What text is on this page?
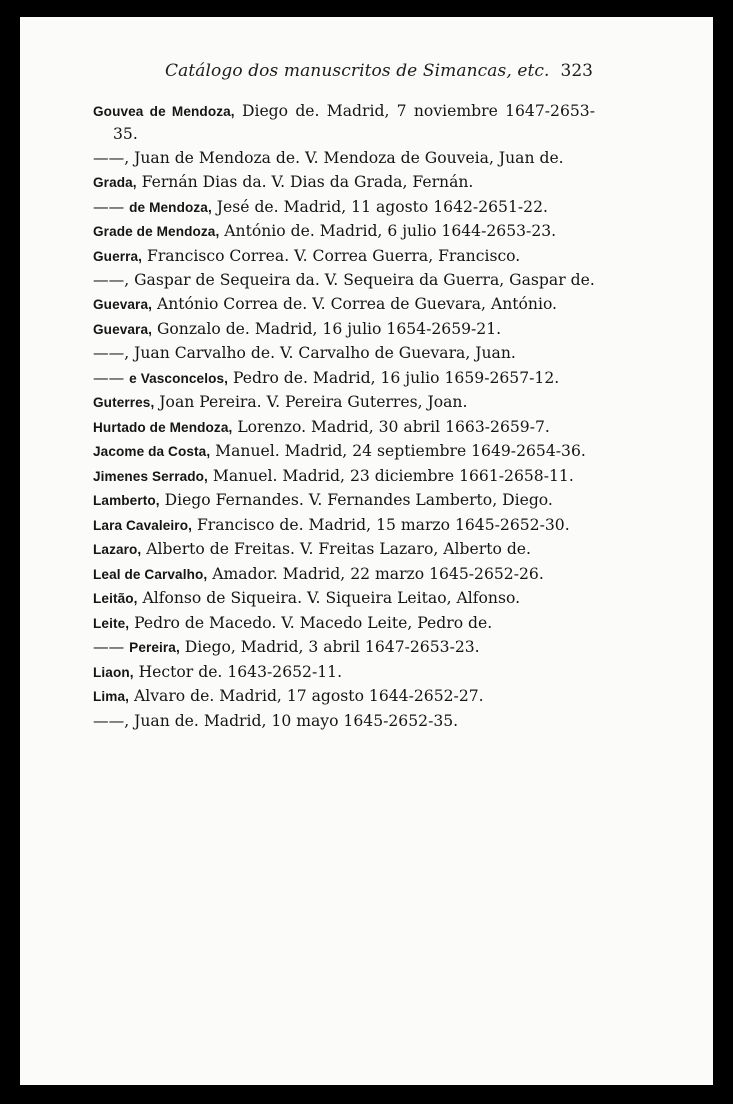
Catálogo dos manuscritos de Simancas, etc. 323
Gouvea de Mendoza, Diego de. Madrid, 7 noviembre 1647-2653-35.
——, Juan de Mendoza de. V. Mendoza de Gouveia, Juan de.
Grada, Fernán Dias da. V. Dias da Grada, Fernán.
—— de Mendoza, Jesé de. Madrid, 11 agosto 1642-2651-22.
Grade de Mendoza, António de. Madrid, 6 julio 1644-2653-23.
Guerra, Francisco Correa. V. Correa Guerra, Francisco.
——, Gaspar de Sequeira da. V. Sequeira da Guerra, Gaspar de.
Guevara, António Correa de. V. Correa de Guevara, António.
Guevara, Gonzalo de. Madrid, 16 julio 1654-2659-21.
——, Juan Carvalho de. V. Carvalho de Guevara, Juan.
—— e Vasconcelos, Pedro de. Madrid, 16 julio 1659-2657-12.
Guterres, Joan Pereira. V. Pereira Guterres, Joan.
Hurtado de Mendoza, Lorenzo. Madrid, 30 abril 1663-2659-7.
Jacome da Costa, Manuel. Madrid, 24 septiembre 1649-2654-36.
Jimenes Serrado, Manuel. Madrid, 23 diciembre 1661-2658-11.
Lamberto, Diego Fernandes. V. Fernandes Lamberto, Diego.
Lara Cavaleiro, Francisco de. Madrid, 15 marzo 1645-2652-30.
Lazaro, Alberto de Freitas. V. Freitas Lazaro, Alberto de.
Leal de Carvalho, Amador. Madrid, 22 marzo 1645-2652-26.
Leitão, Alfonso de Siqueira. V. Siqueira Leitao, Alfonso.
Leite, Pedro de Macedo. V. Macedo Leite, Pedro de.
—— Pereira, Diego, Madrid, 3 abril 1647-2653-23.
Liaon, Hector de. 1643-2652-11.
Lima, Alvaro de. Madrid, 17 agosto 1644-2652-27.
——, Juan de. Madrid, 10 mayo 1645-2652-35.
